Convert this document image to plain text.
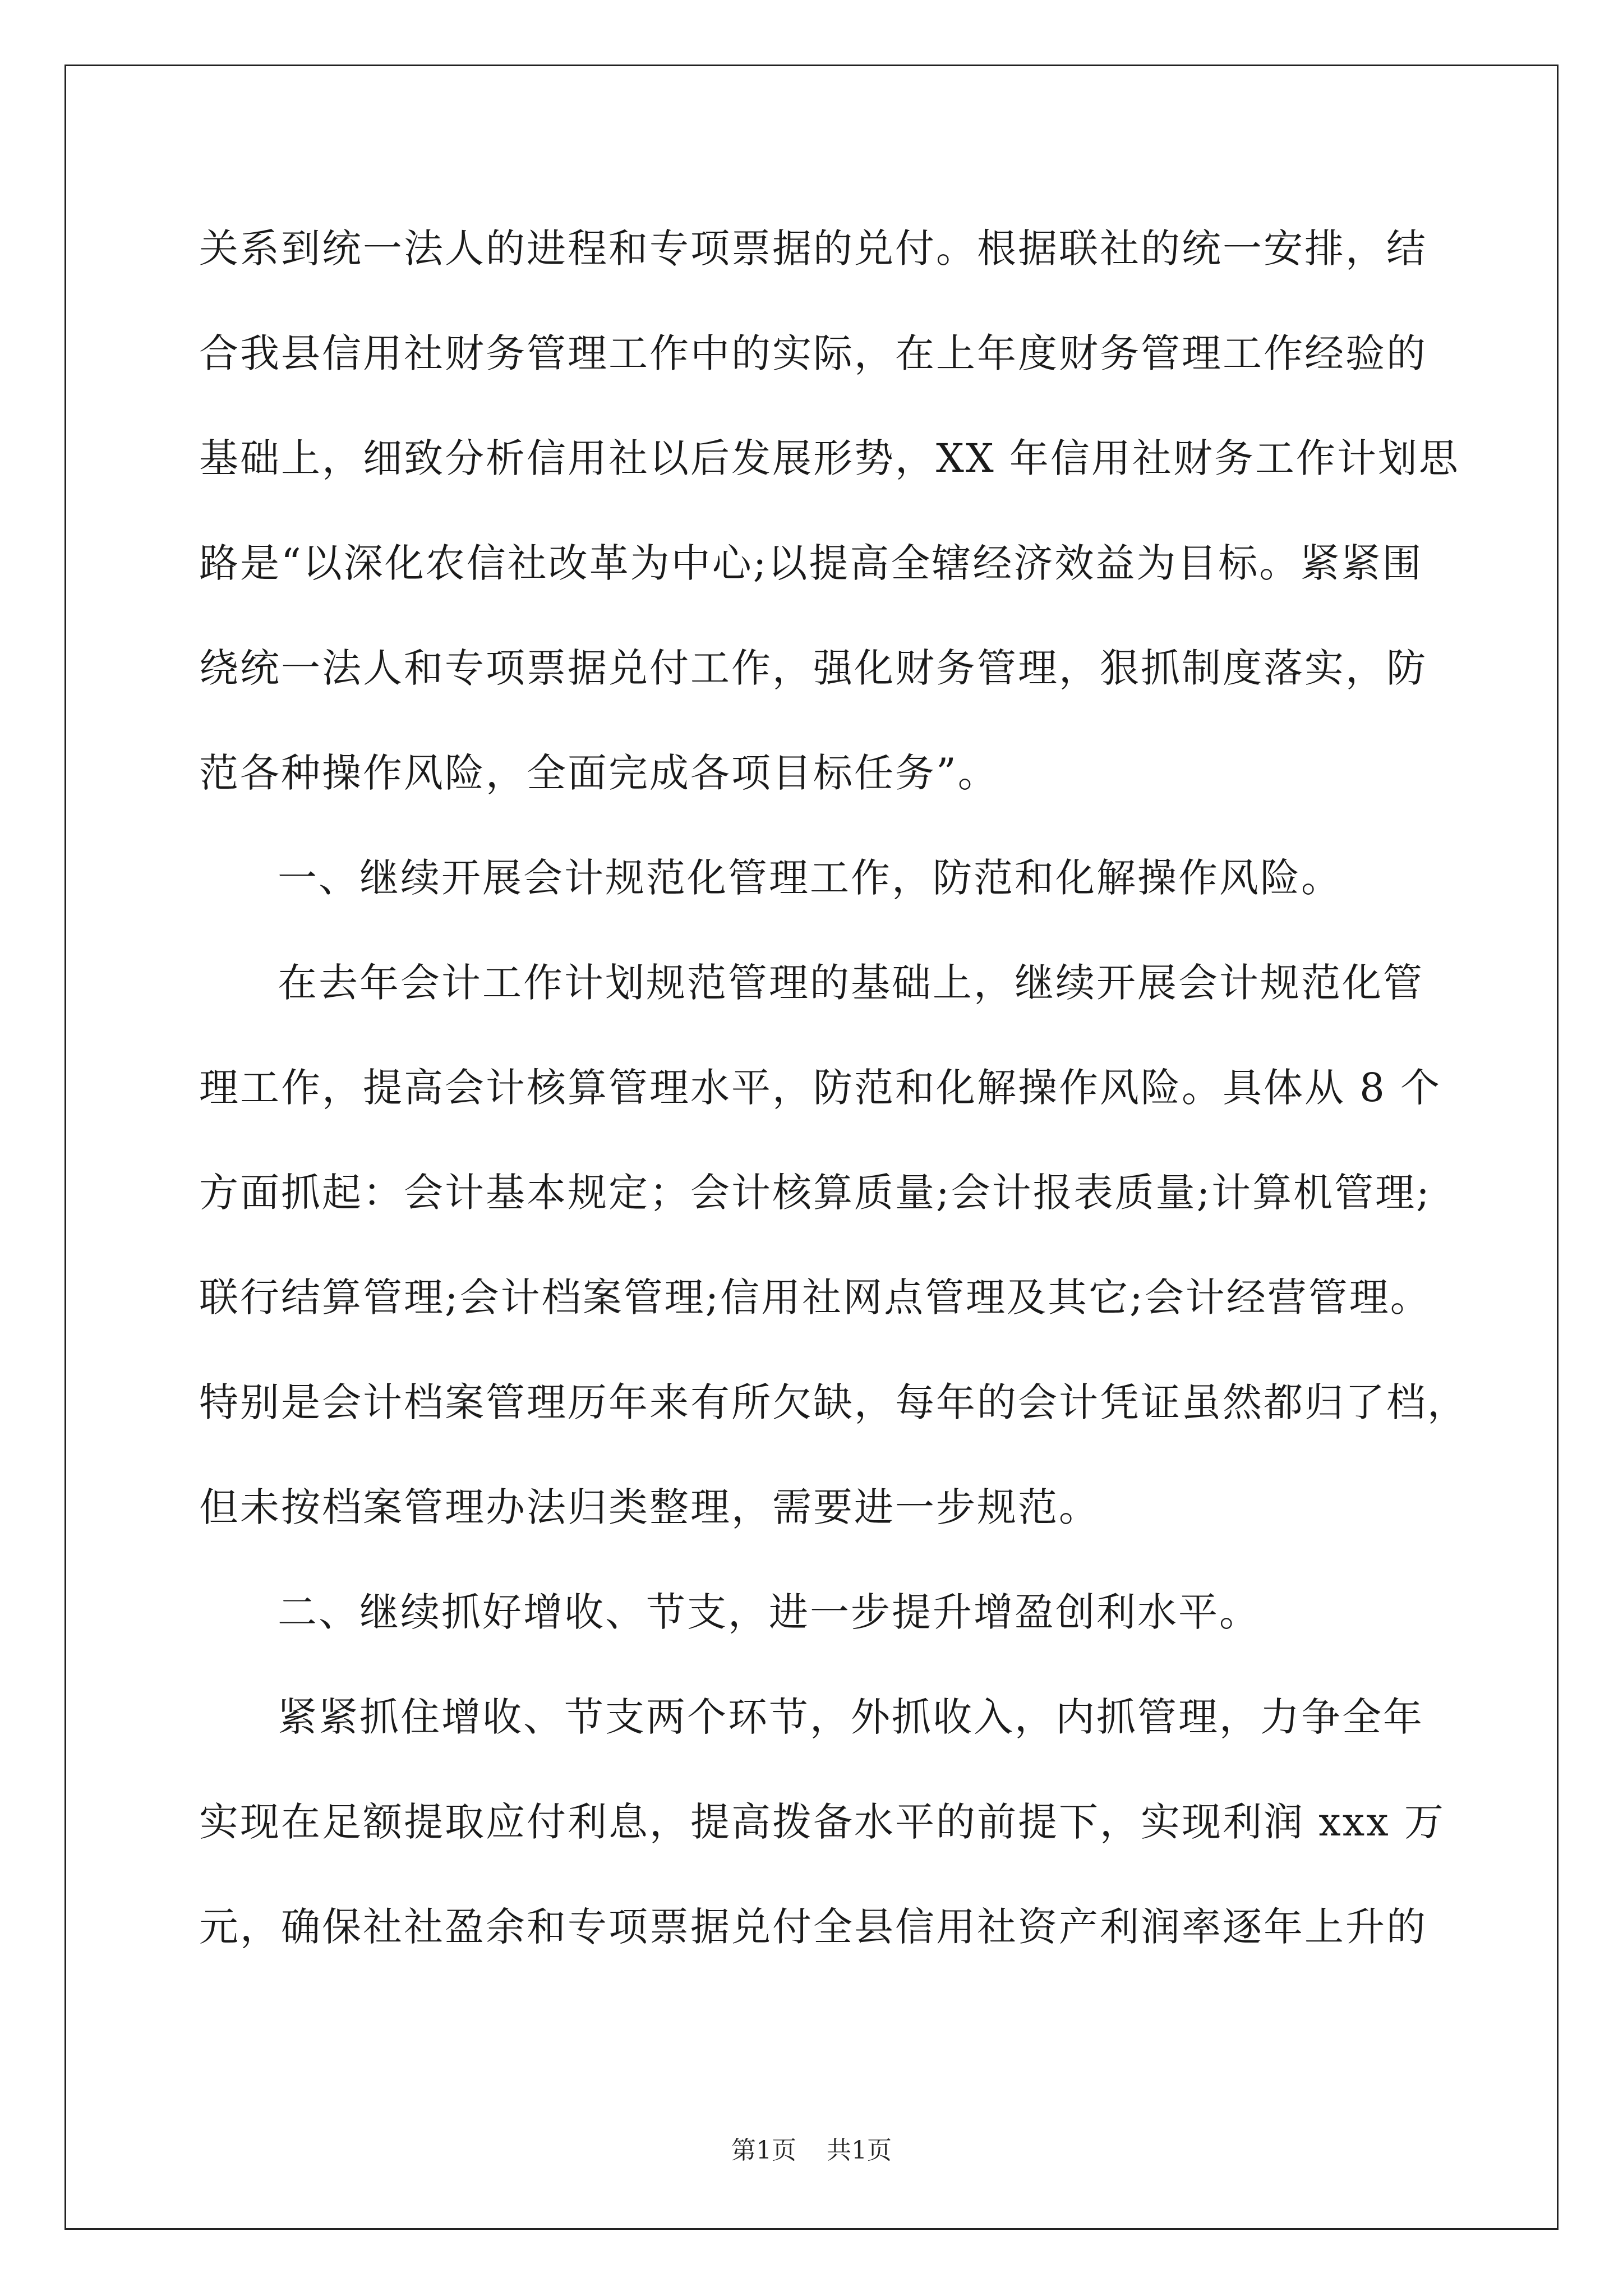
关系到统一法人的进程和专项票据的兑付。根据联社的统一安排，结
合我县信用社财务管理工作中的实际，在上年度财务管理工作经验的
基础上，细致分析信用社以后发展形势，XX 年信用社财务工作计划思
路是“以深化农信社改革为中心;以提高全辖经济效益为目标。紧紧围
绕统一法人和专项票据兑付工作，强化财务管理，狠抓制度落实，防
范各种操作风险，全面完成各项目标任务”。
一、继续开展会计规范化管理工作，防范和化解操作风险。
在去年会计工作计划规范管理的基础上，继续开展会计规范化管
理工作，提高会计核算管理水平，防范和化解操作风险。具体从 8 个
方面抓起：会计基本规定；会计核算质量;会计报表质量;计算机管理;
联行结算管理;会计档案管理;信用社网点管理及其它;会计经营管理。
特别是会计档案管理历年来有所欠缺，每年的会计凭证虽然都归了档，
但未按档案管理办法归类整理，需要进一步规范。
二、继续抓好增收、节支，进一步提升增盈创利水平。
紧紧抓住增收、节支两个环节，外抓收入，内抓管理，力争全年
实现在足额提取应付利息，提高拨备水平的前提下，实现利润 xxx 万
元，确保社社盈余和专项票据兑付全县信用社资产利润率逐年上升的
第1页 共1页
